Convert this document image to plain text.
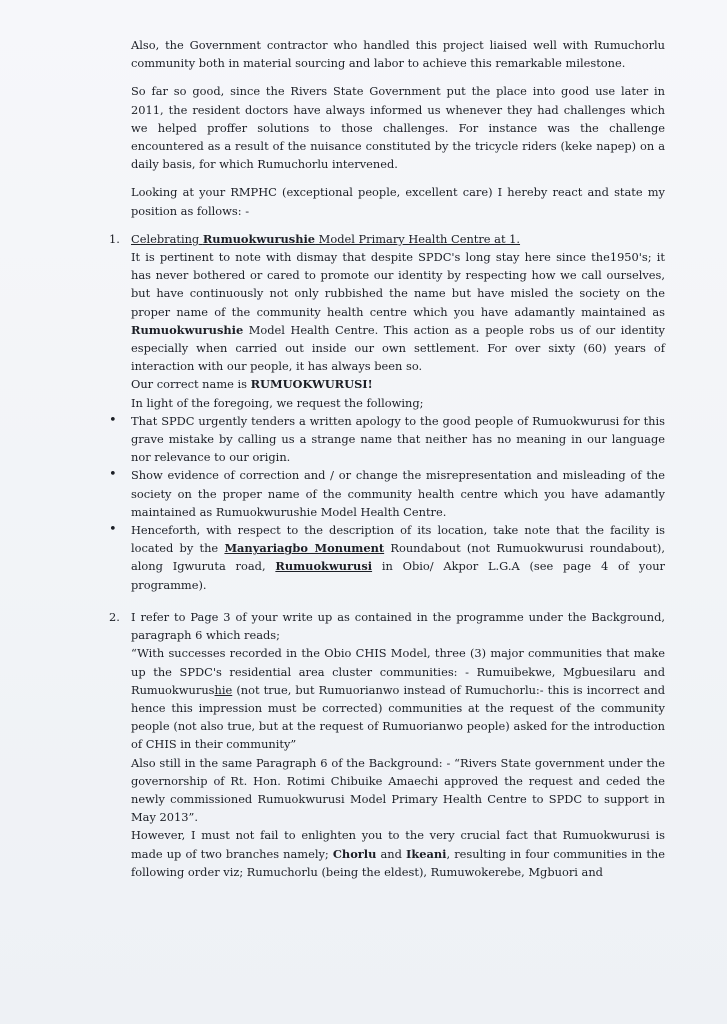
Also, the Government contractor who handled this project liaised well with Rumuchorlu community both in material sourcing and labor to achieve this remarkable milestone.

So far so good, since the Rivers State Government put the place into good use later in 2011, the resident doctors have always informed us whenever they had challenges which we helped proffer solutions to those challenges. For instance was the challenge encountered as a result of the nuisance constituted by the tricycle riders (keke napep) on a daily basis, for which Rumuchorlu intervened.

Looking at your RMPHC (exceptional people, excellent care) I hereby react and state my position as follows: -

1. Celebrating Rumuokwurushie Model Primary Health Centre at 1.

It is pertinent to note with dismay that despite SPDC's long stay here since the1950's; it has never bothered or cared to promote our identity by respecting how we call ourselves, but have continuously not only rubbished the name but have misled the society on the proper name of the community health centre which you have adamantly maintained as Rumuokwurushie Model Health Centre. This action as a people robs us of our identity especially when carried out inside our own settlement. For over sixty (60) years of interaction with our people, it has always been so.

Our correct name is RUMUOKWURUSI!

In light of the foregoing, we request the following;

• That SPDC urgently tenders a written apology to the good people of Rumuokwurusi for this grave mistake by calling us a strange name that neither has no meaning in our language nor relevance to our origin.
• Show evidence of correction and / or change the misrepresentation and misleading of the society on the proper name of the community health centre which you have adamantly maintained as Rumuokwurushie Model Health Centre.
• Henceforth, with respect to the description of its location, take note that the facility is located by the Manyariagbo Monument Roundabout (not Rumuokwurusi roundabout), along Igwuruta road, Rumuokwurusi in Obio/ Akpor L.G.A (see page 4 of your programme).
2. I refer to Page 3 of your write up as contained in the programme under the Background, paragraph 6 which reads;

“With successes recorded in the Obio CHIS Model, three (3) major communities that make up the SPDC's residential area cluster communities: - Rumuibekwe, Mgbuesilaru and Rumuokwurushie (not true, but Rumuorianwo instead of Rumuchorlu:- this is incorrect and hence this impression must be corrected) communities at the request of the community people (not also true, but at the request of Rumuorianwo people) asked for the introduction of CHIS in their community”

Also still in the same Paragraph 6 of the Background: - “Rivers State government under the governorship of Rt. Hon. Rotimi Chibuike Amaechi approved the request and ceded the newly commissioned Rumuokwurusi Model Primary Health Centre to SPDC to support in May 2013”.

However, I must not fail to enlighten you to the very crucial fact that Rumuokwurusi is made up of two branches namely; Chorlu and Ikeani, resulting in four communities in the following order viz; Rumuchorlu (being the eldest), Rumuwokerebe, Mgbuori and
